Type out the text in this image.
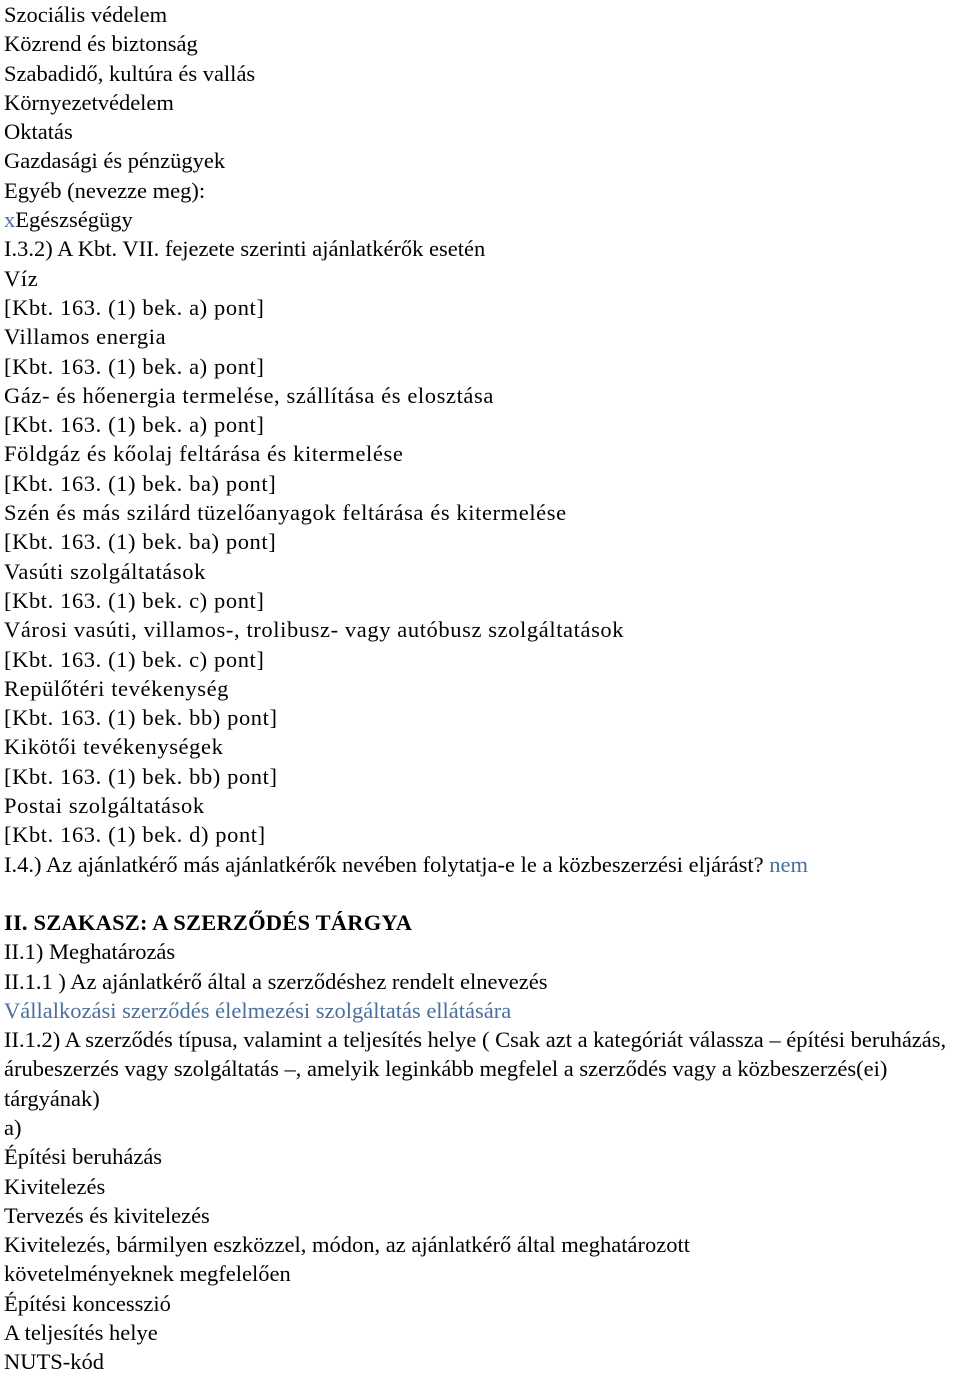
Szociális védelem
Közrend és biztonság
Szabadidő, kultúra és vallás
Környezetvédelem
Oktatás
Gazdasági és pénzügyek
Egyéb (nevezze meg):
xEgészségügy
I.3.2) A Kbt. VII. fejezete szerinti ajánlatkérők esetén
Víz
[Kbt. 163. (1) bek. a) pont]
Villamos energia
[Kbt. 163. (1) bek. a) pont]
Gáz- és hőenergia termelése, szállítása és elosztása
[Kbt. 163. (1) bek. a) pont]
Földgáz és kőolaj feltárása és kitermelése
[Kbt. 163. (1) bek. ba) pont]
Szén és más szilárd tüzelőanyagok feltárása és kitermelése
[Kbt. 163. (1) bek. ba) pont]
Vasúti szolgáltatások
[Kbt. 163. (1) bek. c) pont]
Városi vasúti, villamos-, trolibusz- vagy autóbusz szolgáltatások
[Kbt. 163. (1) bek. c) pont]
Repülőtéri tevékenység
[Kbt. 163. (1) bek. bb) pont]
Kikötői tevékenységek
[Kbt. 163. (1) bek. bb) pont]
Postai szolgáltatások
[Kbt. 163. (1) bek. d) pont]
I.4.) Az ajánlatkérő más ajánlatkérők nevében folytatja-e le a közbeszerzési eljárást? nem
II. SZAKASZ: A SZERZŐDÉS TÁRGYA
II.1) Meghatározás
II.1.1 ) Az ajánlatkérő által a szerződéshez rendelt elnevezés
Vállalkozási szerződés élelmezési szolgáltatás ellátására
II.1.2) A szerződés típusa, valamint a teljesítés helye ( Csak azt a kategóriát válassza – építési beruházás, árubeszerzés vagy szolgáltatás –, amelyik leginkább megfelel a szerződés vagy a közbeszerzés(ei) tárgyának)
a)
Építési beruházás
Kivitelezés
Tervezés és kivitelezés
Kivitelezés, bármilyen eszközzel, módon, az ajánlatkérő által meghatározott
követelményeknek megfelelően
Építési koncesszió
A teljesítés helye
NUTS-kód
